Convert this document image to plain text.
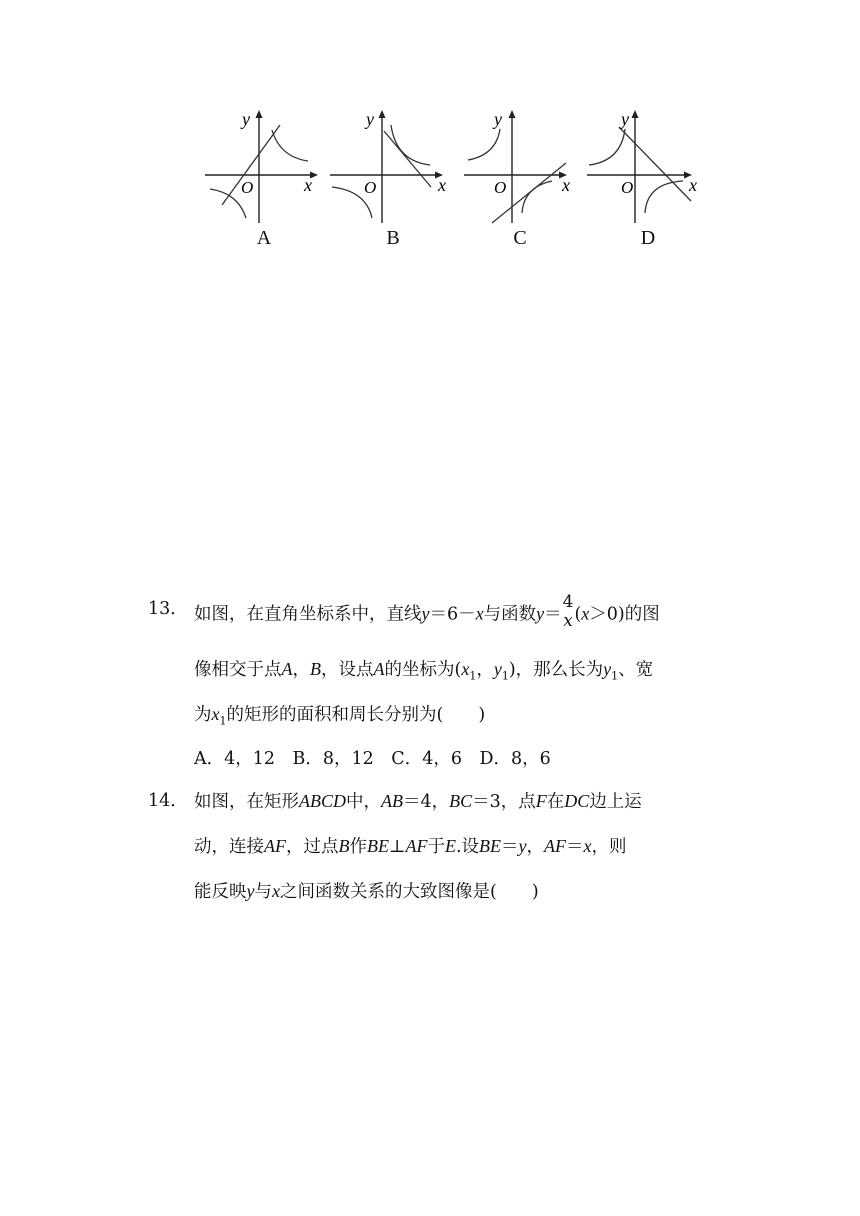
O	x
y
A
O	x
y
B
O	x
y
C
O	x
y
D
13． 如图，在直角坐标系中，直线y＝6－x与函数y＝
4
x (x＞0)的图
像相交于点A，B，设点A的坐标为($x_1$，$y_1$)，那么长为$y_1$、宽
为$x_1$的矩形的面积和周长分别为(　　)
A．4，12　B．8，12　C．4，6　D．8，6
14． 如图，在矩形ABCD中，AB＝4，BC＝3，点F在DC边上运
动，连接AF，过点B作BE⊥AF于E.设BE＝y，AF＝x，则
能反映y与x之间函数关系的大致图像是(　　)
